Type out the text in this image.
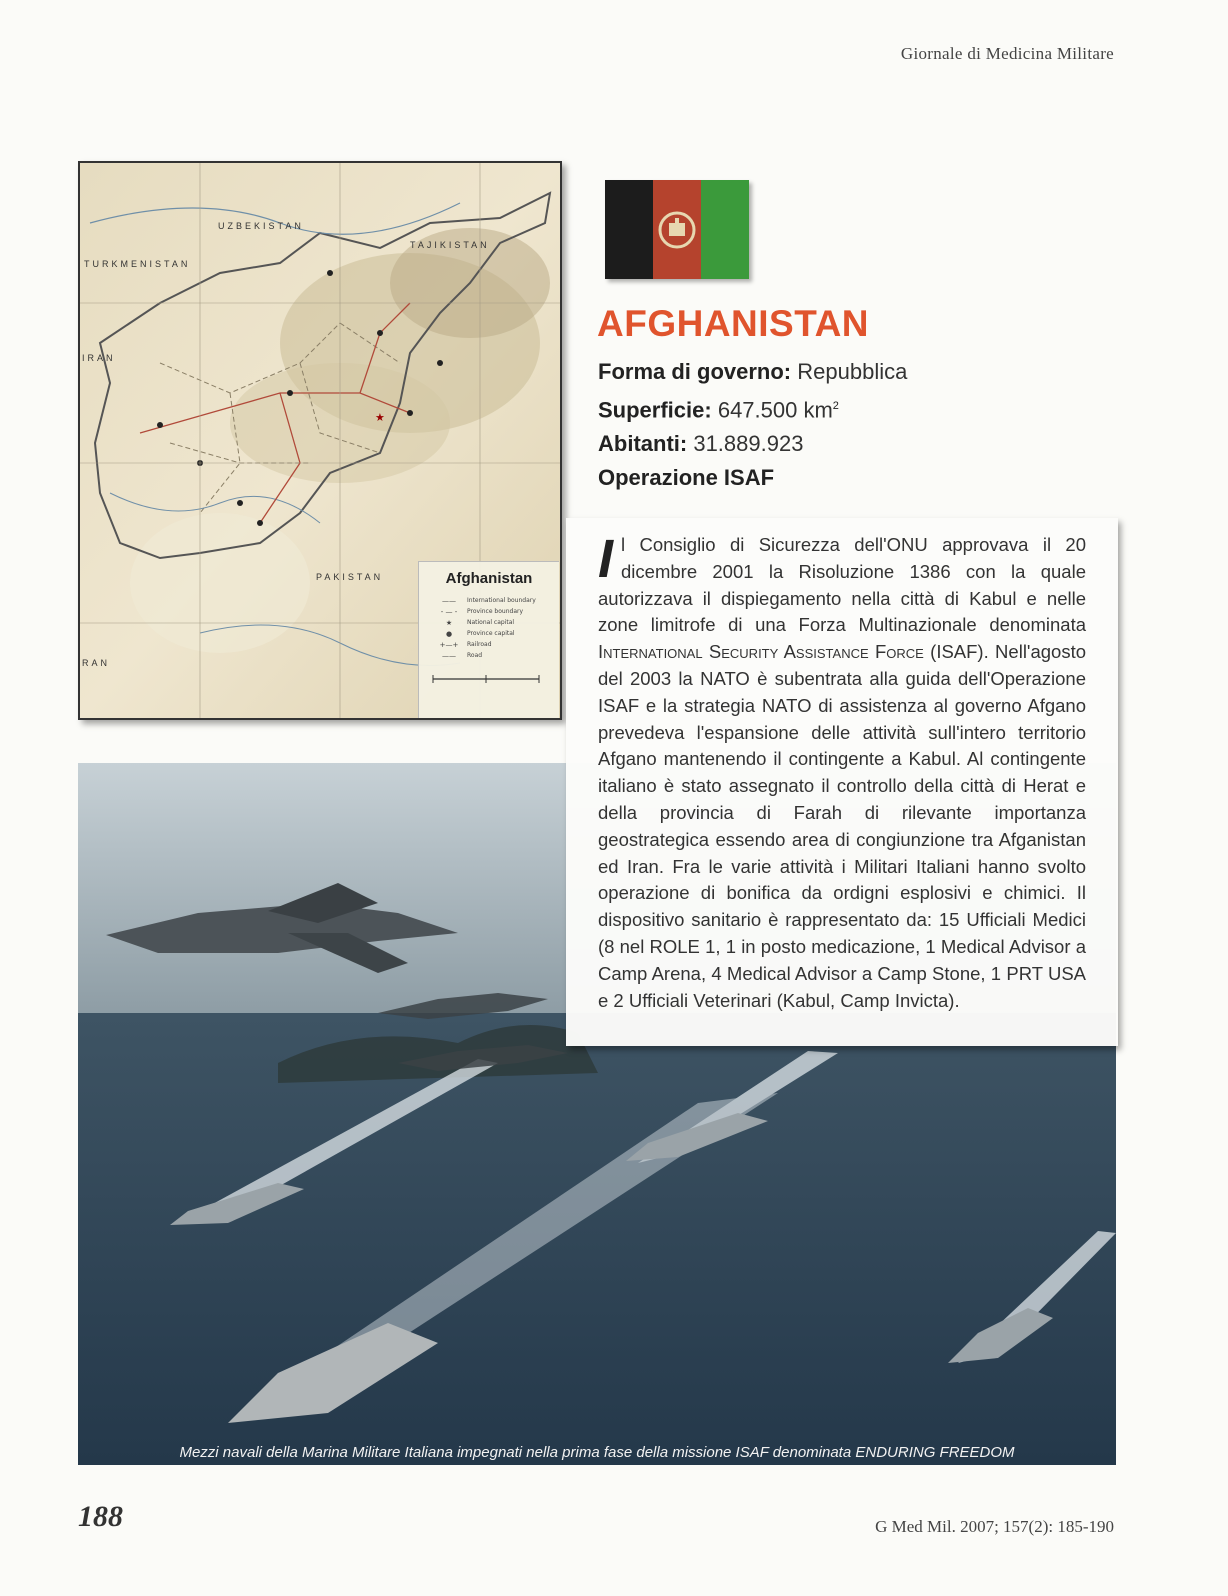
Giornale di Medicina Militare
★
TURKMENISTAN
UZBEKISTAN
TAJIKISTAN
PAKISTAN
IRAN
RAN
Afghanistan
——	International boundary
- — -	Province boundary
★	National capital
●	Province capital
+—+	Railroad
——	Road
AFGHANISTAN
Forma di governo: Repubblica
Superficie: 647.500 $km^2$
Abitanti: 31.889.923
Operazione ISAF
Mezzi navali della Marina Militare Italiana impegnati nella prima fase della missione ISAF denominata ENDURING FREEDOM
Il Consiglio di Sicurezza dell'ONU approvava il 20 dicembre 2001 la Risoluzione 1386 con la quale autorizzava il dispiegamento nella città di Kabul e nelle zone limitrofe di una Forza Multinazionale denominata International Security Assistance Force (ISAF). Nell'agosto del 2003 la NATO è subentrata alla guida dell'Operazione ISAF e la strategia NATO di assistenza al governo Afgano prevedeva l'espansione delle attività sull'intero territorio Afgano mantenendo il contingente a Kabul. Al contingente italiano è stato assegnato il controllo della città di Herat e della provincia di Farah di rilevante importanza geostrategica essendo area di congiunzione tra Afganistan ed Iran. Fra le varie attività i Militari Italiani hanno svolto operazione di bonifica da ordigni esplosivi e chimici. Il dispositivo sanitario è rappresentato da: 15 Ufficiali Medici (8 nel ROLE 1, 1 in posto medicazione, 1 Medical Advisor a Camp Arena, 4 Medical Advisor a Camp Stone, 1 PRT USA e 2 Ufficiali Veterinari (Kabul, Camp Invicta).
188	G Med Mil. 2007; 157(2): 185-190
